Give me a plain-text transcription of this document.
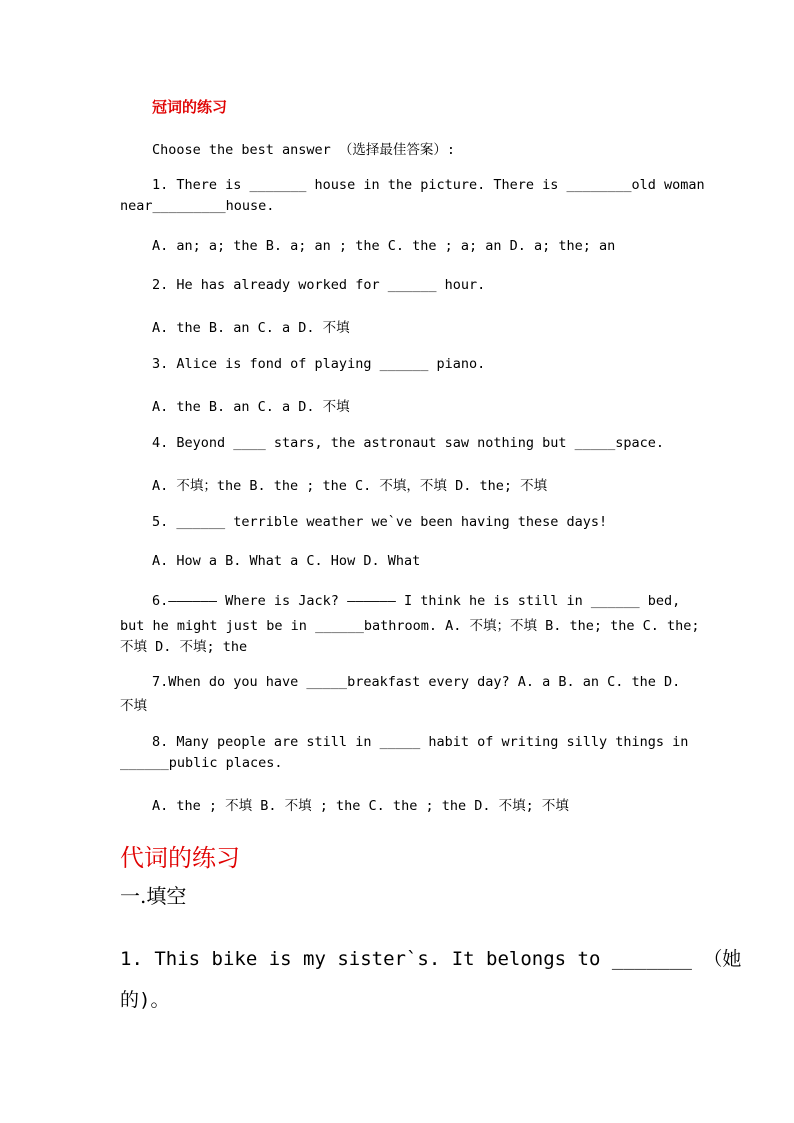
冠词的练习
Choose the best answer （选择最佳答案）:
1. There is _______ house in the picture. There is ________old woman
near_________house.
A. an; a; the B. a; an ; the C. the ; a; an D. a; the; an
2. He has already worked for ______ hour.
A. the B. an C. a D. 不填
3. Alice is fond of playing ______ piano.
A. the B. an C. a D. 不填
4. Beyond ____ stars, the astronaut saw nothing but _____space.
A. 不填；the B. the ; the C. 不填，不填 D. the; 不填
5. ______ terrible weather we`ve been having these days!
A. How a B. What a C. How D. What
6.—————— Where is Jack? —————— I think he is still in ______ bed,
but he might just be in ______bathroom. A. 不填；不填 B. the; the C. the;
不填 D. 不填; the
7.When do you have _____breakfast every day? A. a B. an C. the D.
不填
8. Many people are still in _____ habit of writing silly things in
______public places.
A. the ; 不填 B. 不填 ; the C. the ; the D. 不填; 不填
代词的练习
一.填空
1. This bike is my sister`s. It belongs to _______ （她
的)。
